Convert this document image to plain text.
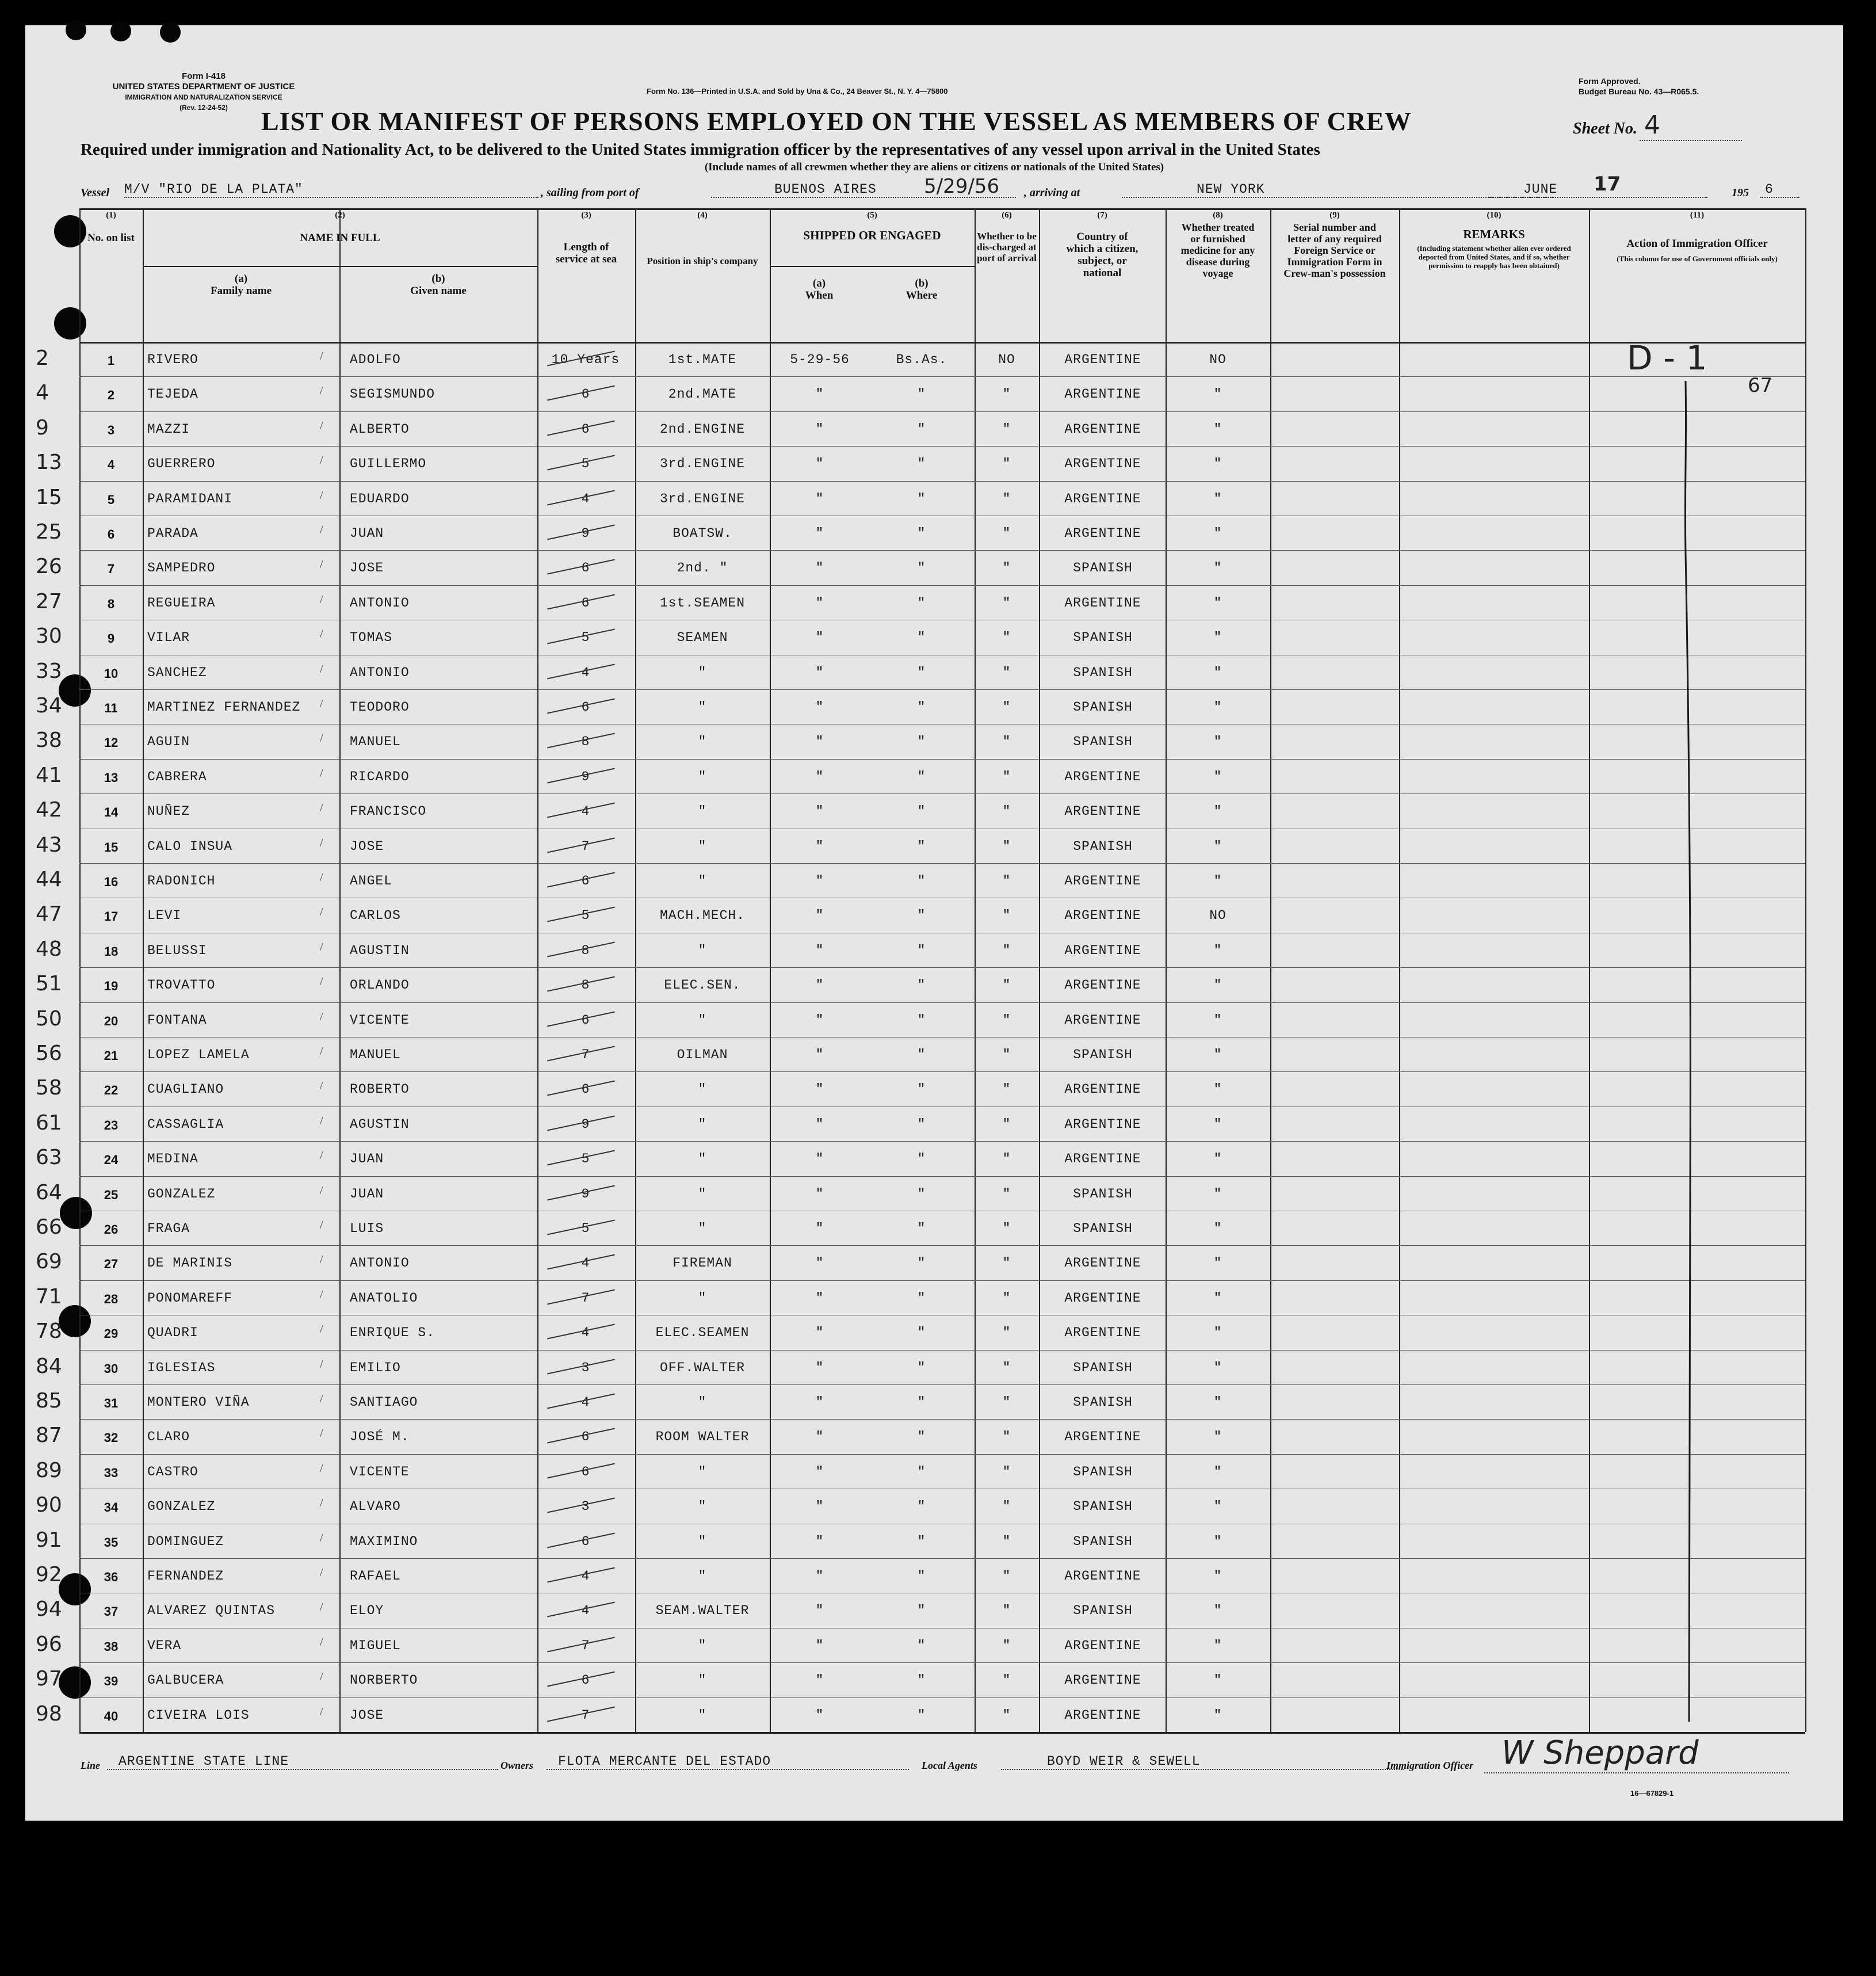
Form I-418
UNITED STATES DEPARTMENT OF JUSTICE
IMMIGRATION AND NATURALIZATION SERVICE
(Rev. 12-24-52)
Form No. 136—Printed in U.S.A. and Sold by Una & Co., 24 Beaver St., N. Y. 4—75800
Form Approved.
Budget Bureau No. 43—R065.5.
LIST OR MANIFEST OF PERSONS EMPLOYED ON THE VESSEL AS MEMBERS OF CREW	Sheet No. 4
Required under immigration and Nationality Act, to be delivered to the United States immigration officer by the representatives of any vessel upon arrival in the United States
(Include names of all crewmen whether they are aliens or citizens or nationals of the United States)
Vessel M/V "RIO DE LA PLATA"	, sailing from port of	BUENOS AIRES	5/29/56 , arriving at	NEW YORK	JUNE	17	195	6
(1)
No. on list
(2)
NAME IN FULL
(a)
Family name
(b)
Given name
(3)
Length of service at sea
(4)
Position in ship's company
(5)
SHIPPED OR ENGAGED
(a)
When
(b)
Where
(6)
Whether to be dis-charged at port of arrival
(7)
Country of which a citizen, subject, or national
(8)
Whether treated or furnished medicine for any disease during voyage
(9)
Serial number and letter of any required Foreign Service or Immigration Form in Crew-man's possession
(10)
REMARKS
(Including statement whether alien ever ordered deported from United States, and if so, whether permission to reapply has been obtained)
(11)
Action of Immigration Officer
(This column for use of Government officials only)
2	1	RIVERO	ADOLFO	10 Years	1st.MATE	5-29-56	Bs.As.	NO	ARGENTINE	NO
/
4	2	TEJEDA	SEGISMUNDO	6	2nd.MATE	"	"	"	ARGENTINE	"
/
9	3	MAZZI	ALBERTO	6	2nd.ENGINE	"	"	"	ARGENTINE	"
/
13	4	GUERRERO	GUILLERMO	5	3rd.ENGINE	"	"	"	ARGENTINE	"
/
15	5	PARAMIDANI	EDUARDO	4	3rd.ENGINE	"	"	"	ARGENTINE	"
/
25	6	PARADA	JUAN	9	BOATSW.	"	"	"	ARGENTINE	"
/
26	7	SAMPEDRO	JOSE	6	2nd. "	"	"	"	SPANISH	"
/
27	8	REGUEIRA	ANTONIO	6	1st.SEAMEN	"	"	"	ARGENTINE	"
/
30	9	VILAR	TOMAS	5	SEAMEN	"	"	"	SPANISH	"
/
33	10	SANCHEZ	ANTONIO	4	"	"	"	"	SPANISH	"
/
34	11	MARTINEZ FERNANDEZ	TEODORO	6	"	"	"	"	SPANISH	"
/
38	12	AGUIN	MANUEL	8	"	"	"	"	SPANISH	"
/
41	13	CABRERA	RICARDO	9	"	"	"	"	ARGENTINE	"
/
42	14	NUÑEZ	FRANCISCO	4	"	"	"	"	ARGENTINE	"
/
43	15	CALO INSUA	JOSE	7	"	"	"	"	SPANISH	"
/
44	16	RADONICH	ANGEL	6	"	"	"	"	ARGENTINE	"
/
47	17	LEVI	CARLOS	5	MACH.MECH.	"	"	"	ARGENTINE	NO
/
48	18	BELUSSI	AGUSTIN	8	"	"	"	"	ARGENTINE	"
/
51	19	TROVATTO	ORLANDO	8	ELEC.SEN.	"	"	"	ARGENTINE	"
/
50	20	FONTANA	VICENTE	6	"	"	"	"	ARGENTINE	"
/
56	21	LOPEZ LAMELA	MANUEL	7	OILMAN	"	"	"	SPANISH	"
/
58	22	CUAGLIANO	ROBERTO	6	"	"	"	"	ARGENTINE	"
/
61	23	CASSAGLIA	AGUSTIN	9	"	"	"	"	ARGENTINE	"
/
63	24	MEDINA	JUAN	5	"	"	"	"	ARGENTINE	"
/
64	25	GONZALEZ	JUAN	9	"	"	"	"	SPANISH	"
/
66	26	FRAGA	LUIS	5	"	"	"	"	SPANISH	"
/
69	27	DE MARINIS	ANTONIO	4	FIREMAN	"	"	"	ARGENTINE	"
/
71	28	PONOMAREFF	ANATOLIO	7	"	"	"	"	ARGENTINE	"
/
78	29	QUADRI	ENRIQUE S.	4	ELEC.SEAMEN	"	"	"	ARGENTINE	"
/
84	30	IGLESIAS	EMILIO	3	OFF.WALTER	"	"	"	SPANISH	"
/
85	31	MONTERO VIÑA	SANTIAGO	4	"	"	"	"	SPANISH	"
/
87	32	CLARO	JOSÉ M.	6	ROOM WALTER	"	"	"	ARGENTINE	"
/
89	33	CASTRO	VICENTE	6	"	"	"	"	SPANISH	"
/
90	34	GONZALEZ	ALVARO	3	"	"	"	"	SPANISH	"
/
91	35	DOMINGUEZ	MAXIMINO	6	"	"	"	"	SPANISH	"
/
92	36	FERNANDEZ	RAFAEL	4	"	"	"	"	ARGENTINE	"
/
94	37	ALVAREZ QUINTAS	ELOY	4	SEAM.WALTER	"	"	"	SPANISH	"
/
96	38	VERA	MIGUEL	7	"	"	"	"	ARGENTINE	"
/
97	39	GALBUCERA	NORBERTO	6	"	"	"	"	ARGENTINE	"
/
98	40	CIVEIRA LOIS	JOSE	7	"	"	"	"	ARGENTINE	"
/
D - 1
67
Line	ARGENTINE STATE LINE	Owners	FLOTA MERCANTE DEL ESTADO	Local Agents	BOYD WEIR & SEWELL	Immigration Officer W Sheppard
16—67829-1
